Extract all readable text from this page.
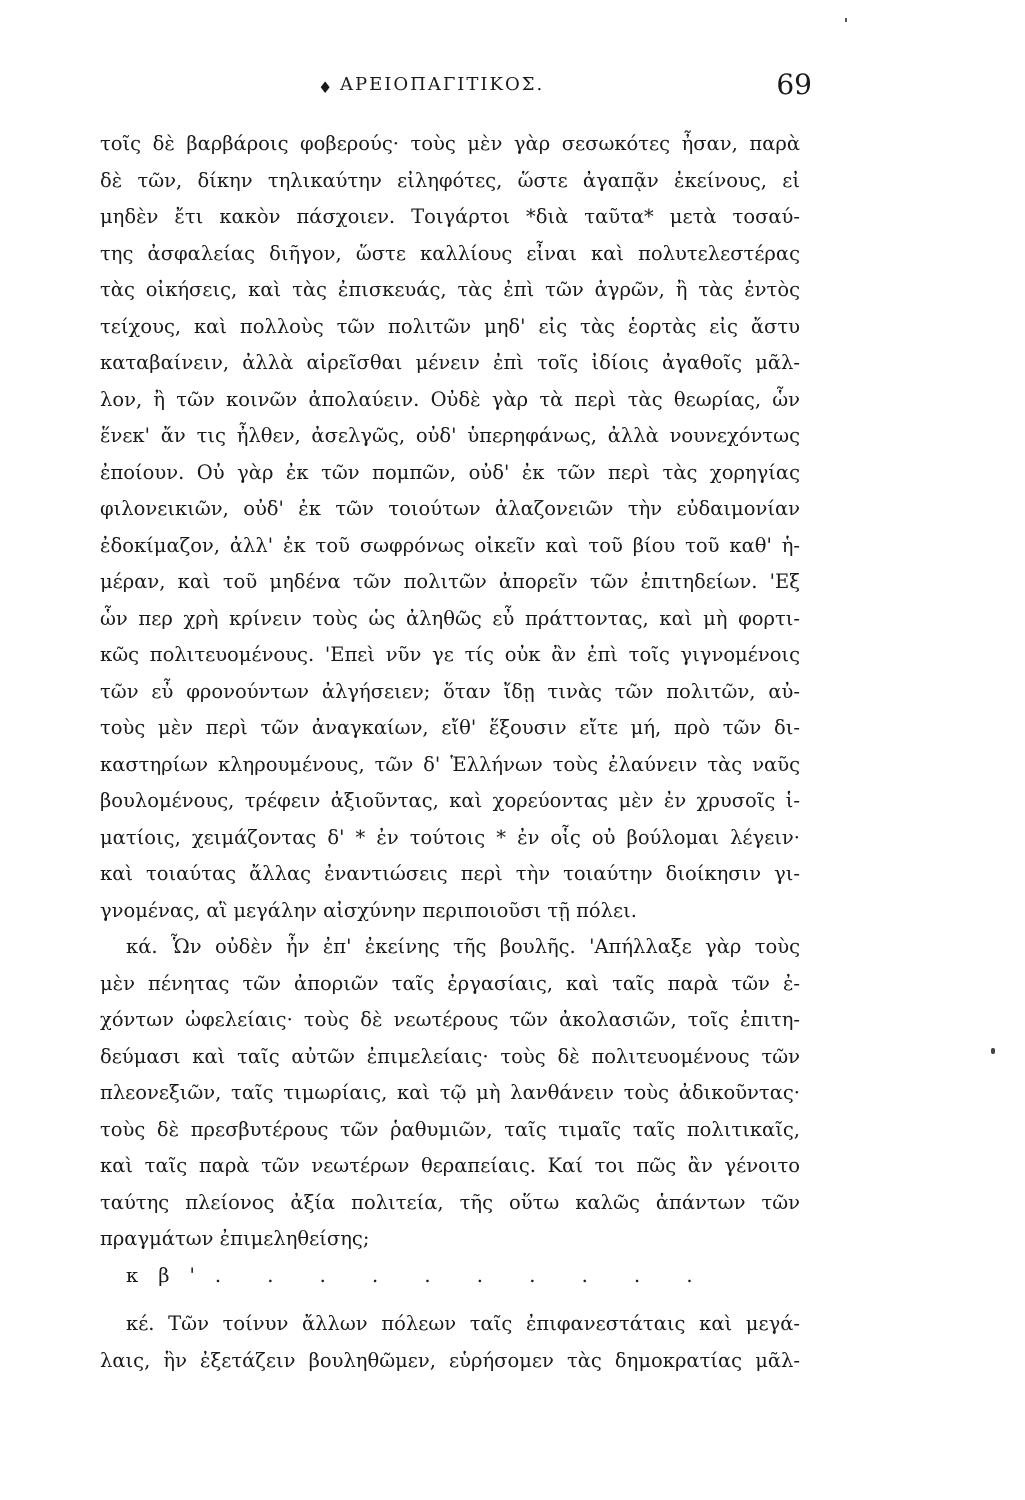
♦ ΑΡΕΙΟΠΑΓΙΤΙΚΟΣ.	69
τοῖς δὲ βαρβάροις φοβερούς· τοὺς μὲν γὰρ σεσωκότες ἦσαν, παρὰ
δὲ τῶν, δίκην τηλικαύτην εἰληφότες, ὥστε ἀγαπᾷν ἐκείνους, εἰ
μηδὲν ἔτι κακὸν πάσχοιεν. Τοιγάρτοι *διὰ ταῦτα* μετὰ τοσαύ-
της ἀσφαλείας διῆγον, ὥστε καλλίους εἶναι καὶ πολυτελεστέρας
τὰς οἰκήσεις, καὶ τὰς ἐπισκευάς, τὰς ἐπὶ τῶν ἀγρῶν, ἢ τὰς ἐντὸς
τείχους, καὶ πολλοὺς τῶν πολιτῶν μηδ' εἰς τὰς ἑορτὰς εἰς ἄστυ
καταβαίνειν, ἀλλὰ αἱρεῖσθαι μένειν ἐπὶ τοῖς ἰδίοις ἀγαθοῖς μᾶλ-
λον, ἢ τῶν κοινῶν ἀπολαύειν. Οὐδὲ γὰρ τὰ περὶ τὰς θεωρίας, ὧν
ἕνεκ' ἄν τις ἦλθεν, ἀσελγῶς, οὐδ' ὑπερηφάνως, ἀλλὰ νουνεχόντως
ἐποίουν. Οὐ γὰρ ἐκ τῶν πομπῶν, οὐδ' ἐκ τῶν περὶ τὰς χορηγίας
φιλονεικιῶν, οὐδ' ἐκ τῶν τοιούτων ἀλαζονειῶν τὴν εὐδαιμονίαν
ἐδοκίμαζον, ἀλλ' ἐκ τοῦ σωφρόνως οἰκεῖν καὶ τοῦ βίου τοῦ καθ' ἡ-
μέραν, καὶ τοῦ μηδένα τῶν πολιτῶν ἀπορεῖν τῶν ἐπιτηδείων. 'Εξ
ὧν περ χρὴ κρίνειν τοὺς ὡς ἀληθῶς εὖ πράττοντας, καὶ μὴ φορτι-
κῶς πολιτευομένους. 'Επεὶ νῦν γε τίς οὐκ ἂν ἐπὶ τοῖς γιγνομένοις
τῶν εὖ φρονούντων ἀλγήσειεν; ὅταν ἴδῃ τινὰς τῶν πολιτῶν, αὐ-
τοὺς μὲν περὶ τῶν ἀναγκαίων, εἴθ' ἕξουσιν εἴτε μή, πρὸ τῶν δι-
καστηρίων κληρουμένους, τῶν δ' Ἑλλήνων τοὺς ἐλαύνειν τὰς ναῦς
βουλομένους, τρέφειν ἀξιοῦντας, καὶ χορεύοντας μὲν ἐν χρυσοῖς ἱ-
ματίοις, χειμάζοντας δ' * ἐν τούτοις * ἐν οἷς οὐ βούλομαι λέγειν·
καὶ τοιαύτας ἄλλας ἐναντιώσεις περὶ τὴν τοιαύτην διοίκησιν γι-
γνομένας, αἳ μεγάλην αἰσχύνην περιποιοῦσι τῇ πόλει.
κά. Ὧν οὐδὲν ἦν ἐπ' ἐκείνης τῆς βουλῆς. 'Απήλλαξε γὰρ τοὺς
μὲν πένητας τῶν ἀποριῶν ταῖς ἐργασίαις, καὶ ταῖς παρὰ τῶν ἐ-
χόντων ὠφελείαις· τοὺς δὲ νεωτέρους τῶν ἀκολασιῶν, τοῖς ἐπιτη-
δεύμασι καὶ ταῖς αὐτῶν ἐπιμελείαις· τοὺς δὲ πολιτευομένους τῶν
πλεονεξιῶν, ταῖς τιμωρίαις, καὶ τῷ μὴ λανθάνειν τοὺς ἀδικοῦντας·
τοὺς δὲ πρεσβυτέρους τῶν ῥαθυμιῶν, ταῖς τιμαῖς ταῖς πολιτικαῖς,
καὶ ταῖς παρὰ τῶν νεωτέρων θεραπείαις. Καί τοι πῶς ἂν γένοιτο
ταύτης πλείονος ἀξία πολιτεία, τῆς οὕτω καλῶς ἁπάντων τῶν
πραγμάτων ἐπιμεληθείσης;
κβ'. . . . . . . . . .
κέ. Τῶν τοίνυν ἄλλων πόλεων ταῖς ἐπιφανεστάταις καὶ μεγά-
λαις, ἣν ἐξετάζειν βουληθῶμεν, εὑρήσομεν τὰς δημοκρατίας μᾶλ-
